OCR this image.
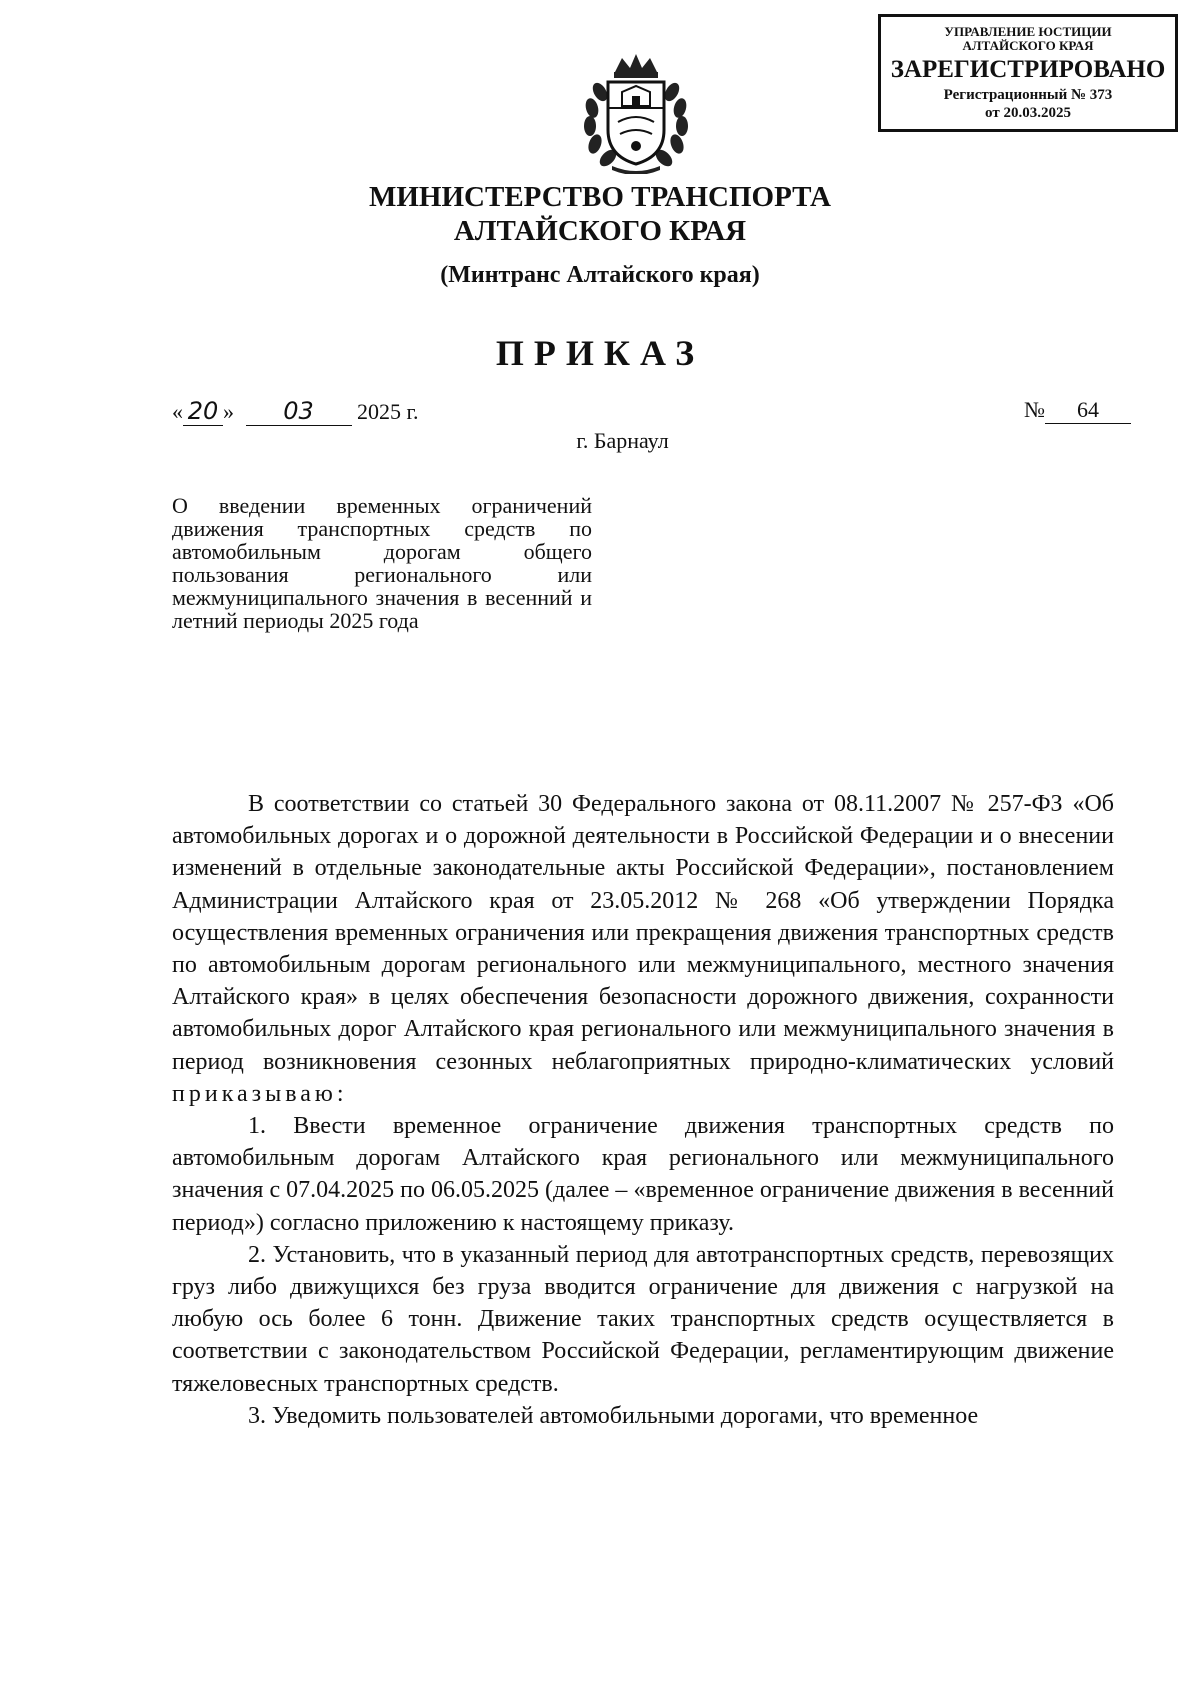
УПРАВЛЕНИЕ ЮСТИЦИИ
АЛТАЙСКОГО КРАЯ
ЗАРЕГИСТРИРОВАНО
Регистрационный № 373
от 20.03.2025
МИНИСТЕРСТВО ТРАНСПОРТА
АЛТАЙСКОГО КРАЯ
(Минтранс Алтайского края)
ПРИКАЗ
« 20 » 03 2025 г.	№ 64
г. Барнаул
О введении временных ограничений движения транспортных средств по автомобильным дорогам общего пользования регионального или межмуниципального значения в весенний и летний периоды 2025 года

В соответствии со статьей 30 Федерального закона от 08.11.2007 № 257-ФЗ «Об автомобильных дорогах и о дорожной деятельности в Российской Федерации и о внесении изменений в отдельные законодательные акты Российской Федерации», постановлением Администрации Алтайского края от 23.05.2012 № 268 «Об утверждении Порядка осуществления временных ограничения или прекращения движения транспортных средств по автомобильным дорогам регионального или межмуниципального, местного значения Алтайского края» в целях обеспечения безопасности дорожного движения, сохранности автомобильных дорог Алтайского края регионального или межмуниципального значения в период возникновения сезонных неблагоприятных природно-климатических условий приказываю:

1. Ввести временное ограничение движения транспортных средств по автомобильным дорогам Алтайского края регионального или межмуниципального значения с 07.04.2025 по 06.05.2025 (далее – «временное ограничение движения в весенний период») согласно приложению к настоящему приказу.

2. Установить, что в указанный период для автотранспортных средств, перевозящих груз либо движущихся без груза вводится ограничение для движения с нагрузкой на любую ось более 6 тонн. Движение таких транспортных средств осуществляется в соответствии с законодательством Российской Федерации, регламентирующим движение тяжеловесных транспортных средств.

3. Уведомить пользователей автомобильными дорогами, что временное
